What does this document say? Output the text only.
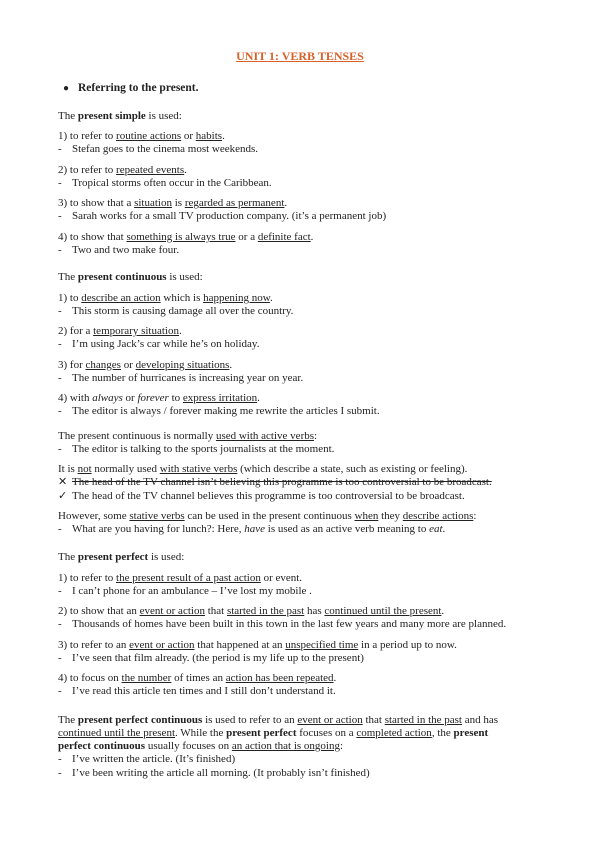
UNIT 1: VERB TENSES
● Referring to the present.
The present simple is used:
1) to refer to routine actions or habits.
- Stefan goes to the cinema most weekends.
2) to refer to repeated events.
- Tropical storms often occur in the Caribbean.
3) to show that a situation is regarded as permanent.
- Sarah works for a small TV production company. (it’s a permanent job)
4) to show that something is always true or a definite fact.
- Two and two make four.
The present continuous is used:
1) to describe an action which is happening now.
- This storm is causing damage all over the country.
2) for a temporary situation.
- I’m using Jack’s car while he’s on holiday.
3) for changes or developing situations.
- The number of hurricanes is increasing year on year.
4) with always or forever to express irritation.
- The editor is always / forever making me rewrite the articles I submit.
The present continuous is normally used with active verbs:
- The editor is talking to the sports journalists at the moment.
It is not normally used with stative verbs (which describe a state, such as existing or feeling).
✕ The head of the TV channel isn’t believing this programme is too controversial to be broadcast.
✓ The head of the TV channel believes this programme is too controversial to be broadcast.
However, some stative verbs can be used in the present continuous when they describe actions:
- What are you having for lunch?: Here, have is used as an active verb meaning to eat.
The present perfect is used:
1) to refer to the present result of a past action or event.
- I can’t phone for an ambulance – I’ve lost my mobile .
2) to show that an event or action that started in the past has continued until the present.
- Thousands of homes have been built in this town in the last few years and many more are planned.
3) to refer to an event or action that happened at an unspecified time in a period up to now.
- I’ve seen that film already. (the period is my life up to the present)
4) to focus on the number of times an action has been repeated.
- I’ve read this article ten times and I still don’t understand it.
The present perfect continuous is used to refer to an event or action that started in the past and has
continued until the present. While the present perfect focuses on a completed action, the present
perfect continuous usually focuses on an action that is ongoing:
- I’ve written the article. (It’s finished)
- I’ve been writing the article all morning. (It probably isn’t finished)
